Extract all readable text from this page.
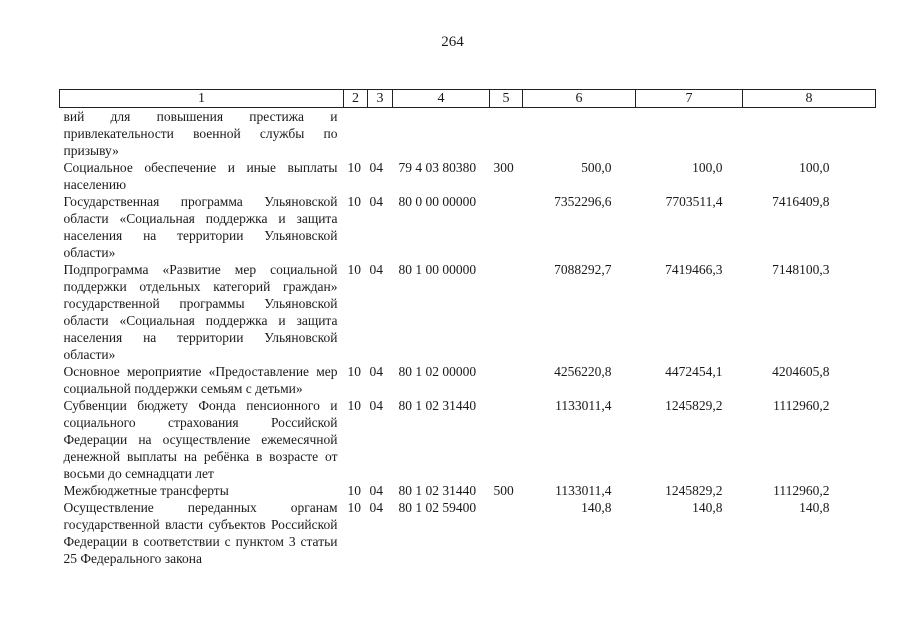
264
1	2	3	4	5	6	7	8
вий для повышения престижа и привлекательности военной службы по призыву»							
Социальное обеспечение и иные выплаты населению	10	04	79 4 03 80380	300	500,0	100,0	100,0
Государственная программа Ульяновской области «Социальная поддержка и защита населения на территории Ульяновской области»	10	04	80 0 00 00000		7352296,6	7703511,4	7416409,8
Подпрограмма «Развитие мер социальной поддержки отдельных категорий граждан» государственной программы Ульяновской области «Социальная поддержка и защита населения на территории Ульяновской области»	10	04	80 1 00 00000		7088292,7	7419466,3	7148100,3
Основное мероприятие «Предоставление мер социальной поддержки семьям с детьми»	10	04	80 1 02 00000		4256220,8	4472454,1	4204605,8
Субвенции бюджету Фонда пенсионного и социального страхования Российской Федерации на осуществление ежемесячной денежной выплаты на ребёнка в возрасте от восьми до семнадцати лет	10	04	80 1 02 31440		1133011,4	1245829,2	1112960,2
Межбюджетные трансферты	10	04	80 1 02 31440	500	1133011,4	1245829,2	1112960,2
Осуществление переданных органам государственной власти субъектов Российской Федерации в соответствии с пунктом 3 статьи 25 Федерального закона	10	04	80 1 02 59400		140,8	140,8	140,8
